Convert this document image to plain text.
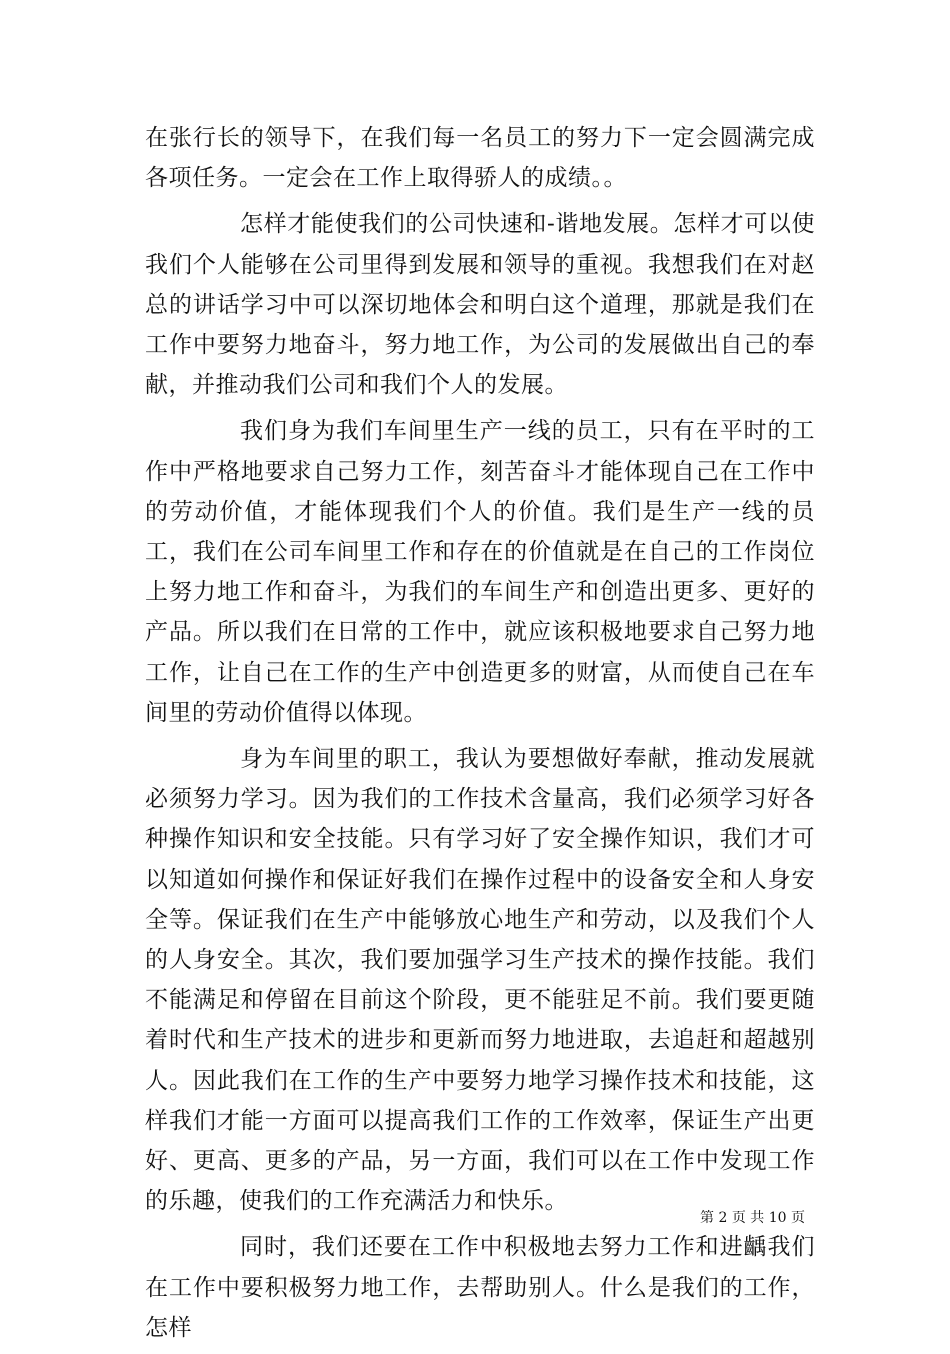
在张行长的领导下，在我们每一名员工的努力下一定会圆满完成各项任务。一定会在工作上取得骄人的成绩。。

怎样才能使我们的公司快速和-谐地发展。怎样才可以使我们个人能够在公司里得到发展和领导的重视。我想我们在对赵总的讲话学习中可以深切地体会和明白这个道理，那就是我们在工作中要努力地奋斗，努力地工作，为公司的发展做出自己的奉献，并推动我们公司和我们个人的发展。

我们身为我们车间里生产一线的员工，只有在平时的工作中严格地要求自己努力工作，刻苦奋斗才能体现自己在工作中的劳动价值，才能体现我们个人的价值。我们是生产一线的员工，我们在公司车间里工作和存在的价值就是在自己的工作岗位上努力地工作和奋斗，为我们的车间生产和创造出更多、更好的产品。所以我们在日常的工作中，就应该积极地要求自己努力地工作，让自己在工作的生产中创造更多的财富，从而使自己在车间里的劳动价值得以体现。

身为车间里的职工，我认为要想做好奉献，推动发展就必须努力学习。因为我们的工作技术含量高，我们必须学习好各种操作知识和安全技能。只有学习好了安全操作知识，我们才可以知道如何操作和保证好我们在操作过程中的设备安全和人身安全等。保证我们在生产中能够放心地生产和劳动，以及我们个人的人身安全。其次，我们要加强学习生产技术的操作技能。我们不能满足和停留在目前这个阶段，更不能驻足不前。我们要更随着时代和生产技术的进步和更新而努力地进取，去追赶和超越别人。因此我们在工作的生产中要努力地学习操作技术和技能，这样我们才能一方面可以提高我们工作的工作效率，保证生产出更好、更高、更多的产品，另一方面，我们可以在工作中发现工作的乐趣，使我们的工作充满活力和快乐。

同时，我们还要在工作中积极地去努力工作和进齲我们在工作中要积极努力地工作，去帮助别人。什么是我们的工作，怎样

第 2 页 共 10 页
